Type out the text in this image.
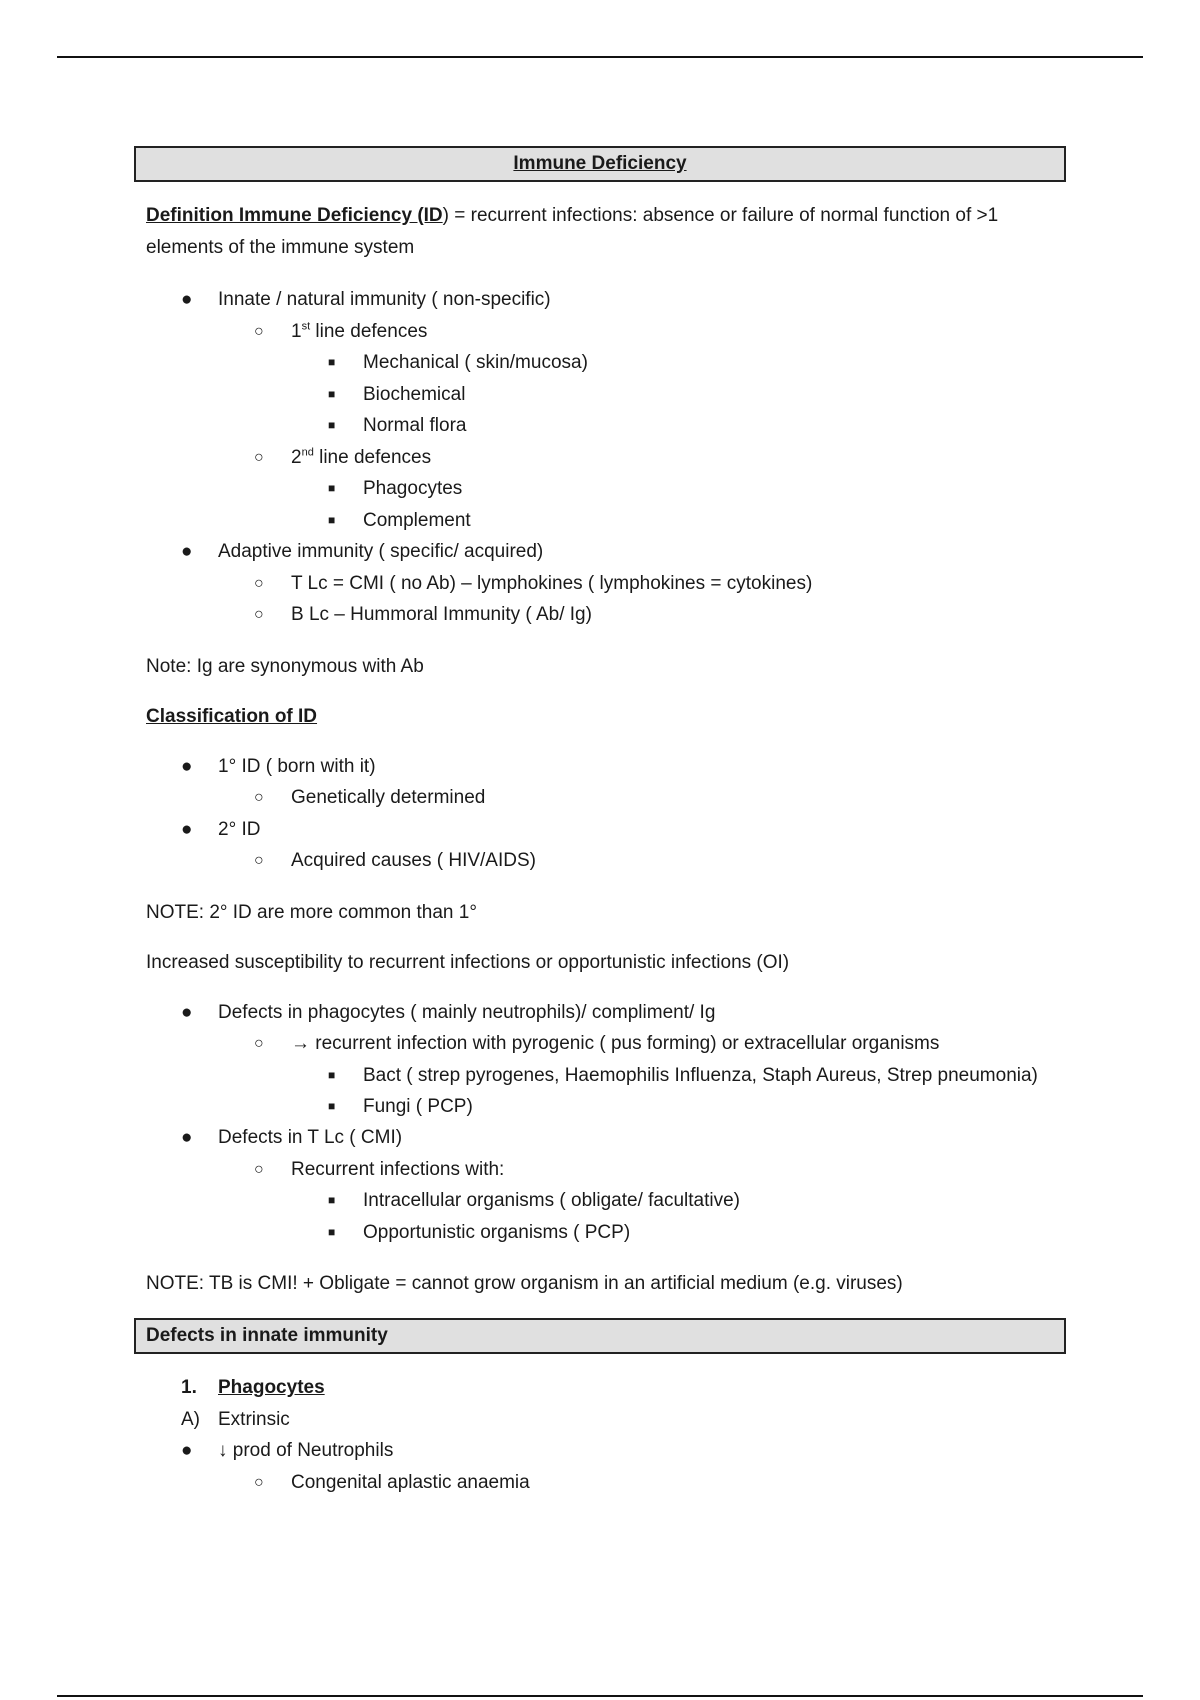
Immune Deficiency
Definition Immune Deficiency (ID) = recurrent infections: absence or failure of normal function of >1 elements of the immune system
● Innate / natural immunity ( non-specific)
○ 1st line defences
■ Mechanical ( skin/mucosa)
■ Biochemical
■ Normal flora
○ 2nd line defences
■ Phagocytes
■ Complement
● Adaptive immunity ( specific/ acquired)
○ T Lc = CMI ( no Ab) – lymphokines ( lymphokines = cytokines)
○ B Lc – Hummoral Immunity ( Ab/ Ig)
Note: Ig are synonymous with Ab
Classification of ID
● 1° ID ( born with it)
○ Genetically determined
● 2° ID
○ Acquired causes ( HIV/AIDS)
NOTE: 2° ID are more common than 1°
Increased susceptibility to recurrent infections or opportunistic infections (OI)
● Defects in phagocytes ( mainly neutrophils)/ compliment/ Ig
○ → recurrent infection with pyrogenic ( pus forming) or extracellular organisms
■ Bact ( strep pyrogenes, Haemophilis Influenza, Staph Aureus, Strep pneumonia)
■ Fungi ( PCP)
● Defects in T Lc ( CMI)
○ Recurrent infections with:
■ Intracellular organisms ( obligate/ facultative)
■ Opportunistic organisms ( PCP)
NOTE: TB is CMI! + Obligate = cannot grow organism in an artificial medium (e.g. viruses)
Defects in innate immunity
1. Phagocytes
A) Extrinsic
● ↓ prod of Neutrophils
○ Congenital aplastic anaemia
